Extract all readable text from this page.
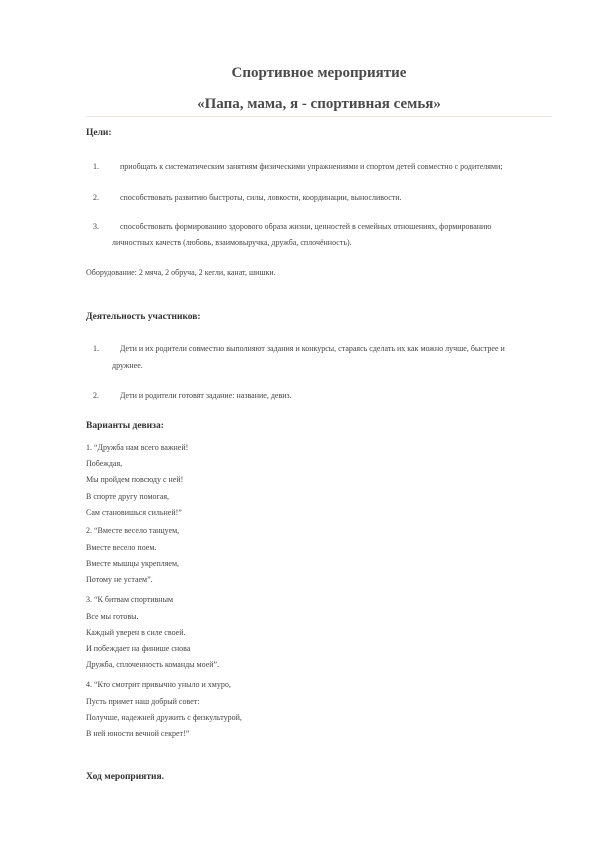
Спортивное мероприятие
«Папа, мама, я - спортивная семья»
Цели:
1.	приобщать к систематическим занятиям физическими упражнениями и спортом детей совместно с родителями;
2.	способствовать развитию быстроты, силы, ловкости, координации, выносливости.
3.	способствовать формированию здорового образа жизни, ценностей в семейных отношениях, формированию
личностных качеств (любовь, взаимовыручка, дружба, сплочённость).
Оборудование: 2 мяча, 2 обруча, 2 кегли, канат, шишки.
Деятельность участников:
1.	Дети и их родители совместно выполняют задания и конкурсы, стараясь сделать их как можно лучше, быстрее и
дружнее.
2.	Дети и родители готовят задание: название, девиз.
Варианты девиза:
1. “Дружба нам всего важней!
Побеждая,
Мы пройдем повсюду с ней!
В спорте другу помогая,
Сам становишься сильней!”
2. “Вместе весело танцуем,
Вместе весело поем.
Вместе мышцы укрепляем,
Потому не устаем”.
3. “К битвам спортивным
Все мы готовы.
Каждый уверен в силе своей.
И побеждает на финише снова
Дружба, сплоченность команды моей”.
4. “Кто смотрит привычно уныло и хмуро,
Пусть примет наш добрый совет:
Получше, надежней дружить с физкультурой,
В ней юности вечной секрет!”
Ход мероприятия.
